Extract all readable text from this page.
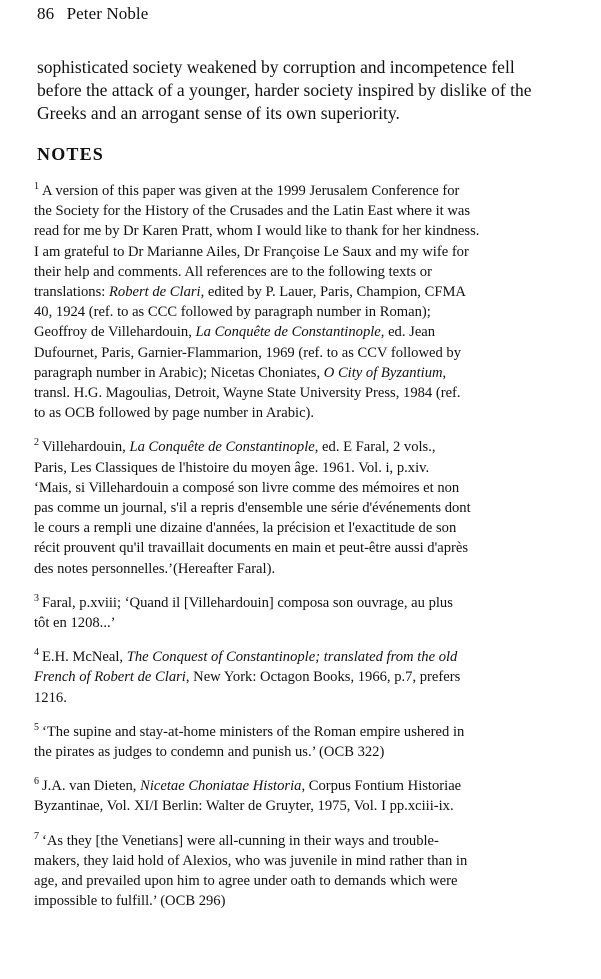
86 Peter Noble
sophisticated society weakened by corruption and incompetence fell
before the attack of a younger, harder society inspired by dislike of the
Greeks and an arrogant sense of its own superiority.
NOTES
$^1$ A version of this paper was given at the 1999 Jerusalem Conference for
the Society for the History of the Crusades and the Latin East where it was
read for me by Dr Karen Pratt, whom I would like to thank for her kindness.
I am grateful to Dr Marianne Ailes, Dr Françoise Le Saux and my wife for
their help and comments. All references are to the following texts or
translations: Robert de Clari, edited by P. Lauer, Paris, Champion, CFMA
40, 1924 (ref. to as CCC followed by paragraph number in Roman);
Geoffroy de Villehardouin, La Conquête de Constantinople, ed. Jean
Dufournet, Paris, Garnier-Flammarion, 1969 (ref. to as CCV followed by
paragraph number in Arabic); Nicetas Choniates, O City of Byzantium,
transl. H.G. Magoulias, Detroit, Wayne State University Press, 1984 (ref.
to as OCB followed by page number in Arabic).
$^2$ Villehardouin, La Conquête de Constantinople, ed. E Faral, 2 vols.,
Paris, Les Classiques de l'histoire du moyen âge. 1961. Vol. i, p.xiv.
‘Mais, si Villehardouin a composé son livre comme des mémoires et non
pas comme un journal, s'il a repris d'ensemble une série d'événements dont
le cours a rempli une dizaine d'années, la précision et l'exactitude de son
récit prouvent qu'il travaillait documents en main et peut-être aussi d'après
des notes personnelles.’(Hereafter Faral).
$^3$ Faral, p.xviii; ‘Quand il [Villehardouin] composa son ouvrage, au plus
tôt en 1208...’
$^4$ E.H. McNeal, The Conquest of Constantinople; translated from the old
French of Robert de Clari, New York: Octagon Books, 1966, p.7, prefers
1216.
$^5$ ‘The supine and stay-at-home ministers of the Roman empire ushered in
the pirates as judges to condemn and punish us.’ (OCB 322)
$^6$ J.A. van Dieten, Nicetae Choniatae Historia, Corpus Fontium Historiae
Byzantinae, Vol. XI/I Berlin: Walter de Gruyter, 1975, Vol. I pp.xciii-ix.
$^7$ ‘As they [the Venetians] were all-cunning in their ways and trouble-
makers, they laid hold of Alexios, who was juvenile in mind rather than in
age, and prevailed upon him to agree under oath to demands which were
impossible to fulfill.’ (OCB 296)
